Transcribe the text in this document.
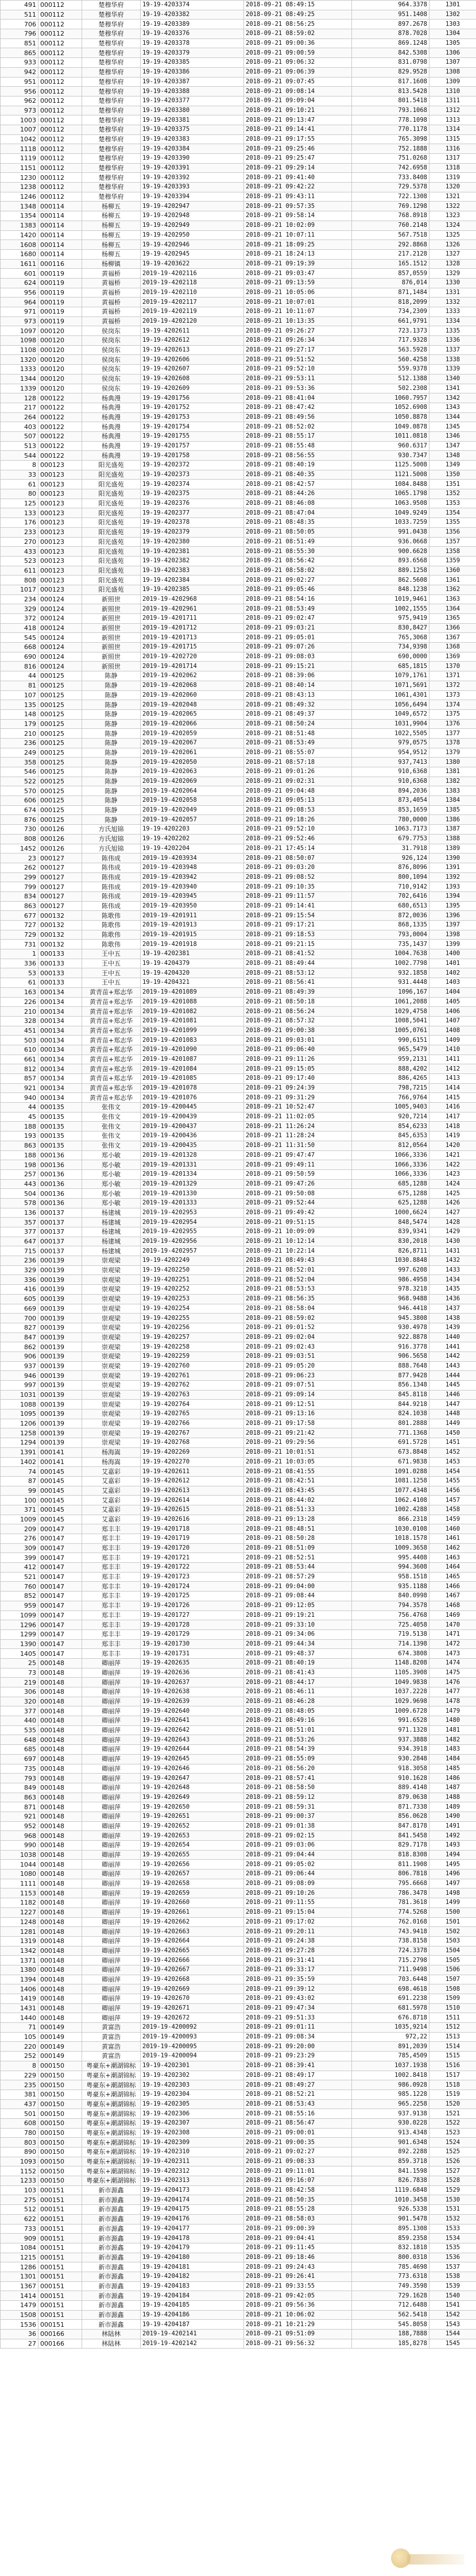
491	000112	楚穆华府	19-19-4203374	2018-09-21 08:49:15	964.3378	1301
511	000112	楚穆华府	19-19-4203382	2018-09-21 08:49:25	951.1408	1302
706	000112	楚穆华府	19-19-4203389	2018-09-21 08:56:25	897.2678	1303
796	000112	楚穆华府	19-19-4203376	2018-09-21 08:59:02	878.7028	1304
851	000112	楚穆华府	19-19-4203378	2018-09-21 09:00:36	869.1248	1305
865	000112	楚穆华府	19-19-4203379	2018-09-21 09:00:59	842.5308	1306
933	000112	楚穆华府	19-19-4203385	2018-09-21 09:06:32	831.0798	1307
942	000112	楚穆华府	19-19-4203386	2018-09-21 09:06:39	829.9528	1308
951	000112	楚穆华府	19-19-4203387	2018-09-21 09:07:45	817.1608	1309
956	000112	楚穆华府	19-19-4203388	2018-09-21 09:08:14	813.5428	1310
962	000112	楚穆华府	19-19-4203377	2018-09-21 09:09:04	801.5418	1311
973	000112	楚穆华府	19-19-4203380	2018-09-21 09:10:21	793.1068	1312
1003	000112	楚穆华府	19-19-4203381	2018-09-21 09:13:47	778.1098	1313
1007	000112	楚穆华府	19-19-4203375	2018-09-21 09:14:41	770.1178	1314
1042	000112	楚穆华府	19-19-4203383	2018-09-21 09:17:55	765.3098	1315
1118	000112	楚穆华府	19-19-4203384	2018-09-21 09:25:46	752.1888	1316
1119	000112	楚穆华府	19-19-4203390	2018-09-21 09:25:47	751.0268	1317
1151	000112	楚穆华府	19-19-4203391	2018-09-21 09:29:14	742.6958	1318
1230	000112	楚穆华府	19-19-4203392	2018-09-21 09:41:40	733.8408	1319
1238	000112	楚穆华府	19-19-4203393	2018-09-21 09:42:22	729.5378	1320
1246	000112	楚穆华府	19-19-4203394	2018-09-21 09:43:11	722.1308	1321
1348	000114	杨柳五	19-19-4202947	2018-09-21 09:57:35	769.1298	1322
1354	000114	杨柳五	19-19-4202948	2018-09-21 09:58:14	768.8918	1323
1383	000114	杨柳五	19-19-4202949	2018-09-21 10:02:09	760.2148	1324
1420	000114	杨柳五	19-19-4202950	2018-09-21 10:07:11	567.7518	1325
1608	000114	杨柳五	19-19-4202946	2018-09-21 18:09:25	292.8868	1326
1680	000114	杨柳五	19-19-4202945	2018-09-21 18:24:13	217.2128	1327
1611	000116	杨柳镇	19-19-4203622	2018-09-21 09:19:39	165.1512	1328
601	000119	黄福桥	2019-19-4202116	2018-09-21 09:03:47	857,0559	1329
624	000119	黄福桥	2019-19-4202118	2018-09-21 09:13:59	876,014	1330
956	000119	黄福桥	2019-19-4202110	2018-09-21 10:05:06	871,1484	1331
964	000119	黄福桥	2019-19-4202117	2018-09-21 10:07:01	818,2099	1332
971	000119	黄福桥	2019-19-4202119	2018-09-21 10:11:07	734,2309	1333
973	000119	黄福桥	2019-19-4202120	2018-09-21 10:13:35	661,9791	1334
1097	000120	侯岗东	19-19-4202611	2018-09-21 09:26:27	723.1373	1335
1098	000120	侯岗东	19-19-4202612	2018-09-21 09:26:34	717.9328	1336
1108	000120	侯岗东	19-19-4202613	2018-09-21 09:27:17	563.5928	1337
1320	000120	侯岗东	19-19-4202606	2018-09-21 09:51:52	560.4258	1338
1333	000120	侯岗东	19-19-4202607	2018-09-21 09:52:10	559.9378	1339
1344	000120	侯岗东	19-19-4202608	2018-09-21 09:53:11	512.1388	1340
1339	000120	侯岗东	19-19-4202609	2018-09-21 09:53:36	502.2308	1341
128	000122	杨典漫	19-19-4201756	2018-09-21 08:41:04	1060.7957	1342
217	000122	杨典漫	19-19-4201752	2018-09-21 08:47:42	1052.6908	1343
264	000122	杨典漫	19-19-4201753	2018-09-21 08:49:56	1050.8878	1344
403	000122	杨典漫	19-19-4201754	2018-09-21 08:52:02	1049.0878	1345
507	000122	杨典漫	19-19-4201755	2018-09-21 08:55:17	1011.0818	1346
513	000122	杨典漫	19-19-4201757	2018-09-21 08:55:48	960.6317	1347
544	000122	杨典漫	19-19-4201758	2018-09-21 08:56:55	930.7347	1348
8	000123	阳光盛苑	19-19-4202372	2018-09-21 08:40:19	1125.5008	1349
33	000123	阳光盛苑	19-19-4202373	2018-09-21 08:40:35	1121.5008	1350
61	000123	阳光盛苑	19-19-4202374	2018-09-21 08:42:57	1084.8488	1351
80	000123	阳光盛苑	19-19-4202375	2018-09-21 08:44:26	1065.1798	1352
125	000123	阳光盛苑	19-19-4202376	2018-09-21 08:46:08	1063.9508	1353
133	000123	阳光盛苑	19-19-4202377	2018-09-21 08:47:04	1049.9249	1354
176	000123	阳光盛苑	19-19-4202378	2018-09-21 08:48:35	1033.7259	1355
233	000123	阳光盛苑	19-19-4202379	2018-09-21 08:50:05	991.0438	1356
270	000123	阳光盛苑	19-19-4202380	2018-09-21 08:51:49	936.0668	1357
433	000123	阳光盛苑	19-19-4202381	2018-09-21 08:55:30	900.6628	1358
523	000123	阳光盛苑	19-19-4202382	2018-09-21 08:56:42	893.6568	1359
611	000123	阳光盛苑	19-19-4202383	2018-09-21 08:58:02	889.1258	1360
808	000123	阳光盛苑	19-19-4202384	2018-09-21 09:02:27	862.5608	1361
1017	000123	阳光盛苑	19-19-4202385	2018-09-21 09:05:46	848.1238	1362
234	000124	新照世	2019-19-4202968	2018-09-21 08:54:16	1019,9461	1363
329	000124	新照世	2019-19-4202961	2018-09-21 08:53:49	1002,1555	1364
372	000124	新照世	2019-19-4201711	2018-09-21 09:02:47	975,9419	1365
418	000124	新照世	2019-19-4201712	2018-09-21 09:03:21	830,8427	1366
545	000124	新照世	2019-19-4201713	2018-09-21 09:05:01	765,3068	1367
668	000124	新照世	2019-19-4201715	2018-09-21 09:07:26	734,9398	1368
690	000124	新照世	2019-19-4202720	2018-09-21 09:08:03	690,0000	1369
816	000124	新照世	2019-19-4201714	2018-09-21 09:15:21	685,1815	1370
44	000125	陈静	2019-19-4202062	2018-09-21 08:39:06	1079,1761	1371
81	000125	陈静	2019-19-4202068	2018-09-21 08:40:14	1071,5691	1372
107	000125	陈静	2019-19-4202060	2018-09-21 08:43:13	1061,4301	1373
135	000125	陈静	2019-19-4202048	2018-09-21 08:49:32	1056,6494	1374
148	000125	陈静	2019-19-4202065	2018-09-21 08:49:37	1049,6572	1375
179	000125	陈静	2019-19-4202066	2018-09-21 08:50:24	1031,9904	1376
210	000125	陈静	2019-19-4202059	2018-09-21 08:51:48	1022,5505	1377
236	000125	陈静	2019-19-4202067	2018-09-21 08:53:49	979,0575	1378
249	000125	陈静	2019-19-4202061	2018-09-21 08:55:07	954,9512	1379
358	000125	陈静	2019-19-4202050	2018-09-21 08:57:18	937,7413	1380
546	000125	陈静	2019-19-4202063	2018-09-21 09:01:26	910,6368	1381
522	000125	陈静	2019-19-4202069	2018-09-21 09:02:31	910,6368	1382
570	000125	陈静	2019-19-4202064	2018-09-21 09:04:48	894,2036	1383
606	000125	陈静	2019-19-4202058	2018-09-21 09:05:13	873,4054	1384
674	000125	陈静	2019-19-4202049	2018-09-21 09:08:53	853,1659	1385
876	000125	陈静	2019-19-4202057	2018-09-21 09:18:26	780,0000	1386
730	000126	方氏旭锦	19-19-4202203	2018-09-21 09:52:10	1063.7173	1387
808	000126	方氏旭锦	19-19-4202202	2018-09-21 09:52:46	679.7753	1388
1452	000126	方氏旭锦	19-19-4202204	2018-09-21 17:45:14	31.7918	1389
23	000127	陈伟成	2019-19-4203934	2018-09-21 08:50:07	926,124	1390
262	000127	陈伟成	2019-19-4203948	2018-09-21 09:03:20	876,8096	1391
299	000127	陈伟成	2019-19-4203942	2018-09-21 09:08:52	800,1094	1392
799	000127	陈伟成	2019-19-4203940	2018-09-21 09:10:35	710,9142	1393
834	000127	陈伟成	2019-19-4203945	2018-09-21 09:11:57	702,6416	1394
863	000127	陈伟成	2019-19-4203950	2018-09-21 09:14:41	680,6513	1395
677	000132	陈歌伟	2019-19-4201911	2018-09-21 09:15:54	872,0036	1396
727	000132	陈歌伟	2019-19-4201913	2018-09-21 09:17:21	868,1335	1397
729	000132	陈歌伟	2019-19-4201915	2018-09-21 09:18:53	793,0004	1398
731	000132	陈歌伟	2019-19-4201918	2018-09-21 09:21:15	735,1437	1399
1	000133	王中五	19-19-4202381	2018-09-21 08:41:52	1004.7638	1400
336	000133	王中五	19-19-4204379	2018-09-21 08:49:44	1002.7798	1401
53	000133	王中五	19-19-4204320	2018-09-21 08:53:12	932.1858	1402
61	000133	王中五	19-19-4204321	2018-09-21 08:56:41	931.4448	1403
163	000134	黄青苗+郑志华	2019-19-4201089	2018-09-21 08:49:39	1096,167	1404
226	000134	黄青苗+郑志华	2019-19-4201088	2018-09-21 08:50:18	1061,2088	1405
210	000134	黄青苗+郑志华	2019-19-4201082	2018-09-21 08:56:24	1029,4758	1406
328	000134	黄青苗+郑志华	2019-19-4201081	2018-09-21 08:57:32	1008,5041	1407
451	000134	黄青苗+郑志华	2019-19-4201099	2018-09-21 09:00:38	1005,0761	1408
503	000134	黄青苗+郑志华	2019-19-4201083	2018-09-21 09:03:01	990,6151	1409
610	000134	黄青苗+郑志华	2019-19-4201090	2018-09-21 09:06:40	965,5479	1410
661	000134	黄青苗+郑志华	2019-19-4201087	2018-09-21 09:11:26	959,2131	1411
812	000134	黄青苗+郑志华	2019-19-4201084	2018-09-21 09:15:05	888,4202	1412
857	000134	黄青苗+郑志华	2019-19-4201085	2018-09-21 09:17:40	886,4265	1413
921	000134	黄青苗+郑志华	2019-19-4201078	2018-09-21 09:24:39	798,7215	1414
940	000134	黄青苗+郑志华	2019-19-4201076	2018-09-21 09:31:29	766,9764	1415
44	000135	张伟文	2019-19-4200445	2018-09-21 10:52:47	1005,9403	1416
45	000135	张伟文	2019-19-4200439	2018-09-21 11:02:05	920,7214	1417
188	000135	张伟文	2019-19-4200437	2018-09-21 11:26:24	854,6233	1418
193	000135	张伟文	2019-19-4200436	2018-09-21 11:28:24	845,6353	1419
863	000135	张伟文	2019-19-4200435	2018-09-21 11:31:50	812,0564	1420
188	000136	郑小敏	2019-19-4201328	2018-09-21 09:47:47	1066,3336	1421
198	000136	郑小敏	2019-19-4201331	2018-09-21 09:49:11	1066,3336	1422
257	000136	郑小敏	2019-19-4201334	2018-09-21 09:50:59	1066,3336	1423
443	000136	郑小敏	2019-19-4201329	2018-09-21 09:47:26	685,1288	1424
504	000136	郑小敏	2019-19-4201330	2018-09-21 09:50:08	675,1288	1425
578	000136	郑小敏	2019-19-4201333	2018-09-21 09:52:44	625,1288	1426
136	000137	杨建城	2019-19-4202953	2018-09-21 09:49:42	1000,6624	1427
357	000137	杨建城	2019-19-4202954	2018-09-21 09:51:15	848,5474	1428
377	000137	杨建城	2019-19-4202955	2018-09-21 10:09:09	839,9341	1429
647	000137	杨建城	2019-19-4202956	2018-09-21 10:12:14	830,2018	1430
715	000137	杨建城	2019-19-4202957	2018-09-21 10:22:14	826,8711	1431
236	000139	崇观梁	19-19-4202249	2018-09-21 08:49:43	1030.8848	1432
329	000139	崇观梁	19-19-4202250	2018-09-21 08:52:01	997.6208	1433
336	000139	崇观梁	19-19-4202251	2018-09-21 08:52:04	986.4958	1434
416	000139	崇观梁	19-19-4202252	2018-09-21 08:53:53	978.3218	1435
605	000139	崇观梁	19-19-4202253	2018-09-21 08:56:35	968.9488	1436
669	000139	崇观梁	19-19-4202254	2018-09-21 08:58:04	946.4418	1437
700	000139	崇观梁	19-19-4202255	2018-09-21 08:59:02	945.3808	1438
827	000139	崇观梁	19-19-4202256	2018-09-21 09:01:52	930.4978	1439
847	000139	崇观梁	19-19-4202257	2018-09-21 09:02:04	922.8878	1440
862	000139	崇观梁	19-19-4202258	2018-09-21 09:02:43	916.3778	1441
906	000139	崇观梁	19-19-4202259	2018-09-21 09:03:51	906.5658	1442
937	000139	崇观梁	19-19-4202760	2018-09-21 09:05:20	888.7648	1443
946	000139	崇观梁	19-19-4202761	2018-09-21 09:06:23	877.9428	1444
997	000139	崇观梁	19-19-4202762	2018-09-21 09:07:51	856.1348	1445
1031	000139	崇观梁	19-19-4202763	2018-09-21 09:09:14	845.8118	1446
1088	000139	崇观梁	19-19-4202764	2018-09-21 09:12:51	844.9218	1447
1095	000139	崇观梁	19-19-4202765	2018-09-21 09:13:16	824.1038	1448
1206	000139	崇观梁	19-19-4202766	2018-09-21 09:17:58	801.2888	1449
1258	000139	崇观梁	19-19-4202767	2018-09-21 09:21:42	771.1368	1450
1294	000139	崇观梁	19-19-4202768	2018-09-21 09:29:56	691.5728	1451
1391	000141	杨海嵩	19-19-4202269	2018-09-21 10:01:51	673.8848	1452
1402	000141	杨海嵩	19-19-4202270	2018-09-21 10:03:05	671.9838	1453
74	000145	艾嘉彩	19-19-4202611	2018-09-21 08:41:55	1091.0288	1454
87	000145	艾嘉彩	19-19-4202612	2018-09-21 08:42:51	1081.1258	1455
99	000145	艾嘉彩	19-19-4202613	2018-09-21 08:43:45	1077.4348	1456
100	000145	艾嘉彩	19-19-4202614	2018-09-21 08:44:02	1062.4108	1457
371	000145	艾嘉彩	19-19-4202615	2018-09-21 08:51:33	1002.4288	1458
1009	000145	艾嘉彩	19-19-4202616	2018-09-21 09:13:28	866.2318	1459
209	000147	郑丰丰	19-19-4201718	2018-09-21 08:48:51	1030.0108	1460
276	000147	郑丰丰	19-19-4201719	2018-09-21 08:50:28	1018.1578	1461
309	000147	郑丰丰	19-19-4201720	2018-09-21 08:51:09	1009.3658	1462
399	000147	郑丰丰	19-19-4201721	2018-09-21 08:52:51	995.4408	1463
412	000147	郑丰丰	19-19-4201722	2018-09-21 08:53:44	994.3608	1464
521	000147	郑丰丰	19-19-4201723	2018-09-21 08:57:29	958.1518	1465
760	000147	郑丰丰	19-19-4201724	2018-09-21 09:04:00	935.1188	1466
852	000147	郑丰丰	19-19-4201725	2018-09-21 09:08:44	840.0998	1467
959	000147	郑丰丰	19-19-4201726	2018-09-21 09:12:05	794.3578	1468
1099	000147	郑丰丰	19-19-4201727	2018-09-21 09:19:21	756.4768	1469
1296	000147	郑丰丰	19-19-4201728	2018-09-21 09:33:10	725.4058	1470
1299	000147	郑丰丰	19-19-4201729	2018-09-21 09:34:06	719.5138	1471
1390	000147	郑丰丰	19-19-4201730	2018-09-21 09:44:34	714.1398	1472
1405	000147	郑丰丰	19-19-4201731	2018-09-21 09:48:37	674.3808	1473
25	000148	卿丽萍	19-19-4202635	2018-09-21 08:40:19	1148.8208	1474
73	000148	卿丽萍	19-19-4202636	2018-09-21 08:41:43	1105.3908	1475
219	000148	卿丽萍	19-19-4202637	2018-09-21 08:44:17	1049.9838	1476
306	000148	卿丽萍	19-19-4202638	2018-09-21 08:46:11	1037.2228	1477
320	000148	卿丽萍	19-19-4202639	2018-09-21 08:46:28	1029.9698	1478
377	000148	卿丽萍	19-19-4202640	2018-09-21 08:48:05	1009.6728	1479
440	000148	卿丽萍	19-19-4202641	2018-09-21 08:49:16	991.6528	1480
535	000148	卿丽萍	19-19-4202642	2018-09-21 08:51:01	971.1328	1481
648	000148	卿丽萍	19-19-4202643	2018-09-21 08:53:26	937.3888	1482
685	000148	卿丽萍	19-19-4202644	2018-09-21 08:54:39	934.3918	1483
697	000148	卿丽萍	19-19-4202645	2018-09-21 08:55:09	930.2848	1484
735	000148	卿丽萍	19-19-4202646	2018-09-21 08:56:20	918.3058	1485
793	000148	卿丽萍	19-19-4202647	2018-09-21 08:57:41	910.1628	1486
849	000148	卿丽萍	19-19-4202648	2018-09-21 08:58:50	889.4148	1487
863	000148	卿丽萍	19-19-4202649	2018-09-21 08:59:12	879.0638	1488
871	000148	卿丽萍	19-19-4202650	2018-09-21 08:59:31	871.7338	1489
921	000148	卿丽萍	19-19-4202651	2018-09-21 09:00:37	856.0628	1490
952	000148	卿丽萍	19-19-4202652	2018-09-21 09:01:38	847.8178	1491
968	000148	卿丽萍	19-19-4202653	2018-09-21 09:02:15	841.5458	1492
990	000148	卿丽萍	19-19-4202654	2018-09-21 09:03:06	829.7178	1493
1038	000148	卿丽萍	19-19-4202655	2018-09-21 09:04:44	818.8308	1494
1044	000148	卿丽萍	19-19-4202656	2018-09-21 09:05:02	811.1908	1495
1080	000148	卿丽萍	19-19-4202657	2018-09-21 09:06:44	806.7818	1496
1111	000148	卿丽萍	19-19-4202658	2018-09-21 09:08:09	795.6668	1497
1153	000148	卿丽萍	19-19-4202659	2018-09-21 09:10:26	786.3478	1498
1182	000148	卿丽萍	19-19-4202660	2018-09-21 09:11:55	781.3618	1499
1227	000148	卿丽萍	19-19-4202661	2018-09-21 09:15:04	774.5268	1500
1248	000148	卿丽萍	19-19-4202662	2018-09-21 09:17:02	762.0168	1501
1281	000148	卿丽萍	19-19-4202663	2018-09-21 09:20:11	743.9418	1502
1319	000148	卿丽萍	19-19-4202664	2018-09-21 09:24:38	738.8158	1503
1342	000148	卿丽萍	19-19-4202665	2018-09-21 09:27:28	724.3378	1504
1371	000148	卿丽萍	19-19-4202666	2018-09-21 09:31:41	715.2798	1505
1380	000148	卿丽萍	19-19-4202667	2018-09-21 09:33:17	711.9498	1506
1394	000148	卿丽萍	19-19-4202668	2018-09-21 09:35:59	703.6448	1507
1406	000148	卿丽萍	19-19-4202669	2018-09-21 09:39:12	698.4618	1508
1419	000148	卿丽萍	19-19-4202670	2018-09-21 09:43:02	691.2238	1509
1431	000148	卿丽萍	19-19-4202671	2018-09-21 09:47:34	681.5978	1510
1440	000148	卿丽萍	19-19-4202672	2018-09-21 09:51:33	676.8718	1511
71	000149	黄富浩	2019-19-4200092	2018-09-21 09:01:11	1035,9214	1512
105	000149	黄富浩	2019-19-4200093	2018-09-21 09:08:34	972,22	1513
220	000149	黄富浩	2019-19-4200095	2018-09-21 09:20:00	891,2039	1514
252	000149	黄富浩	2019-19-4200094	2018-09-21 09:23:29	785,4509	1515
8	000150	粤豪东+潮湖锦标	19-19-4202301	2018-09-21 08:39:41	1037.1938	1516
229	000150	粤豪东+潮湖锦标	19-19-4202302	2018-09-21 08:49:17	1002.8418	1517
235	000150	粤豪东+潮湖锦标	19-19-4202303	2018-09-21 08:49:27	986.0928	1518
381	000150	粤豪东+潮湖锦标	19-19-4202304	2018-09-21 08:52:21	985.1228	1519
437	000150	粤豪东+潮湖锦标	19-19-4202305	2018-09-21 08:53:43	965.2258	1520
501	000150	粤豪东+潮湖锦标	19-19-4202306	2018-09-21 08:55:16	937.9138	1521
608	000150	粤豪东+潮湖锦标	19-19-4202307	2018-09-21 08:56:47	930.0228	1522
780	000150	粤豪东+潮湖锦标	19-19-4202308	2018-09-21 09:00:01	913.4348	1523
803	000150	粤豪东+潮湖锦标	19-19-4202309	2018-09-21 09:00:35	901.6348	1524
890	000150	粤豪东+潮湖锦标	19-19-4202310	2018-09-21 09:02:27	892.2288	1525
1093	000150	粤豪东+潮湖锦标	19-19-4202311	2018-09-21 09:08:33	859.3718	1526
1152	000150	粤豪东+潮湖锦标	19-19-4202312	2018-09-21 09:11:01	841.1598	1527
1233	000150	粤豪东+潮湖锦标	19-19-4202313	2018-09-21 09:16:07	826.7838	1528
103	000151	新市源鑫	19-19-4204173	2018-09-21 08:42:58	1119.6848	1529
275	000151	新市源鑫	19-19-4204174	2018-09-21 08:50:35	1010.3458	1530
512	000151	新市源鑫	19-19-4204175	2018-09-21 08:55:28	926.5338	1531
622	000151	新市源鑫	19-19-4204176	2018-09-21 08:58:03	901.5478	1532
733	000151	新市源鑫	19-19-4204177	2018-09-21 09:00:39	895.1308	1533
909	000151	新市源鑫	19-19-4204178	2018-09-21 09:04:41	859.2358	1534
1084	000151	新市源鑫	19-19-4204179	2018-09-21 09:11:45	832.1818	1535
1215	000151	新市源鑫	19-19-4204180	2018-09-21 09:18:46	800.0318	1536
1286	000151	新市源鑫	19-19-4204181	2018-09-21 09:24:43	785.4698	1537
1301	000151	新市源鑫	19-19-4204182	2018-09-21 09:26:41	773.6318	1538
1367	000151	新市源鑫	19-19-4204183	2018-09-21 09:33:55	749.3598	1539
1414	000151	新市源鑫	19-19-4204184	2018-09-21 09:42:05	729.1628	1540
1479	000151	新市源鑫	19-19-4204185	2018-09-21 09:56:36	712.6488	1541
1508	000151	新市源鑫	19-19-4204186	2018-09-21 10:06:02	562.5418	1542
1536	000151	新市源鑫	19-19-4204187	2018-09-21 10:21:29	545.8058	1543
36	000166	林陆林	2019-19-4202141	2018-09-21 09:51:09	188,7888	1544
27	000166	林陆林	2019-19-4202142	2018-09-21 09:56:32	185,8278	1545
